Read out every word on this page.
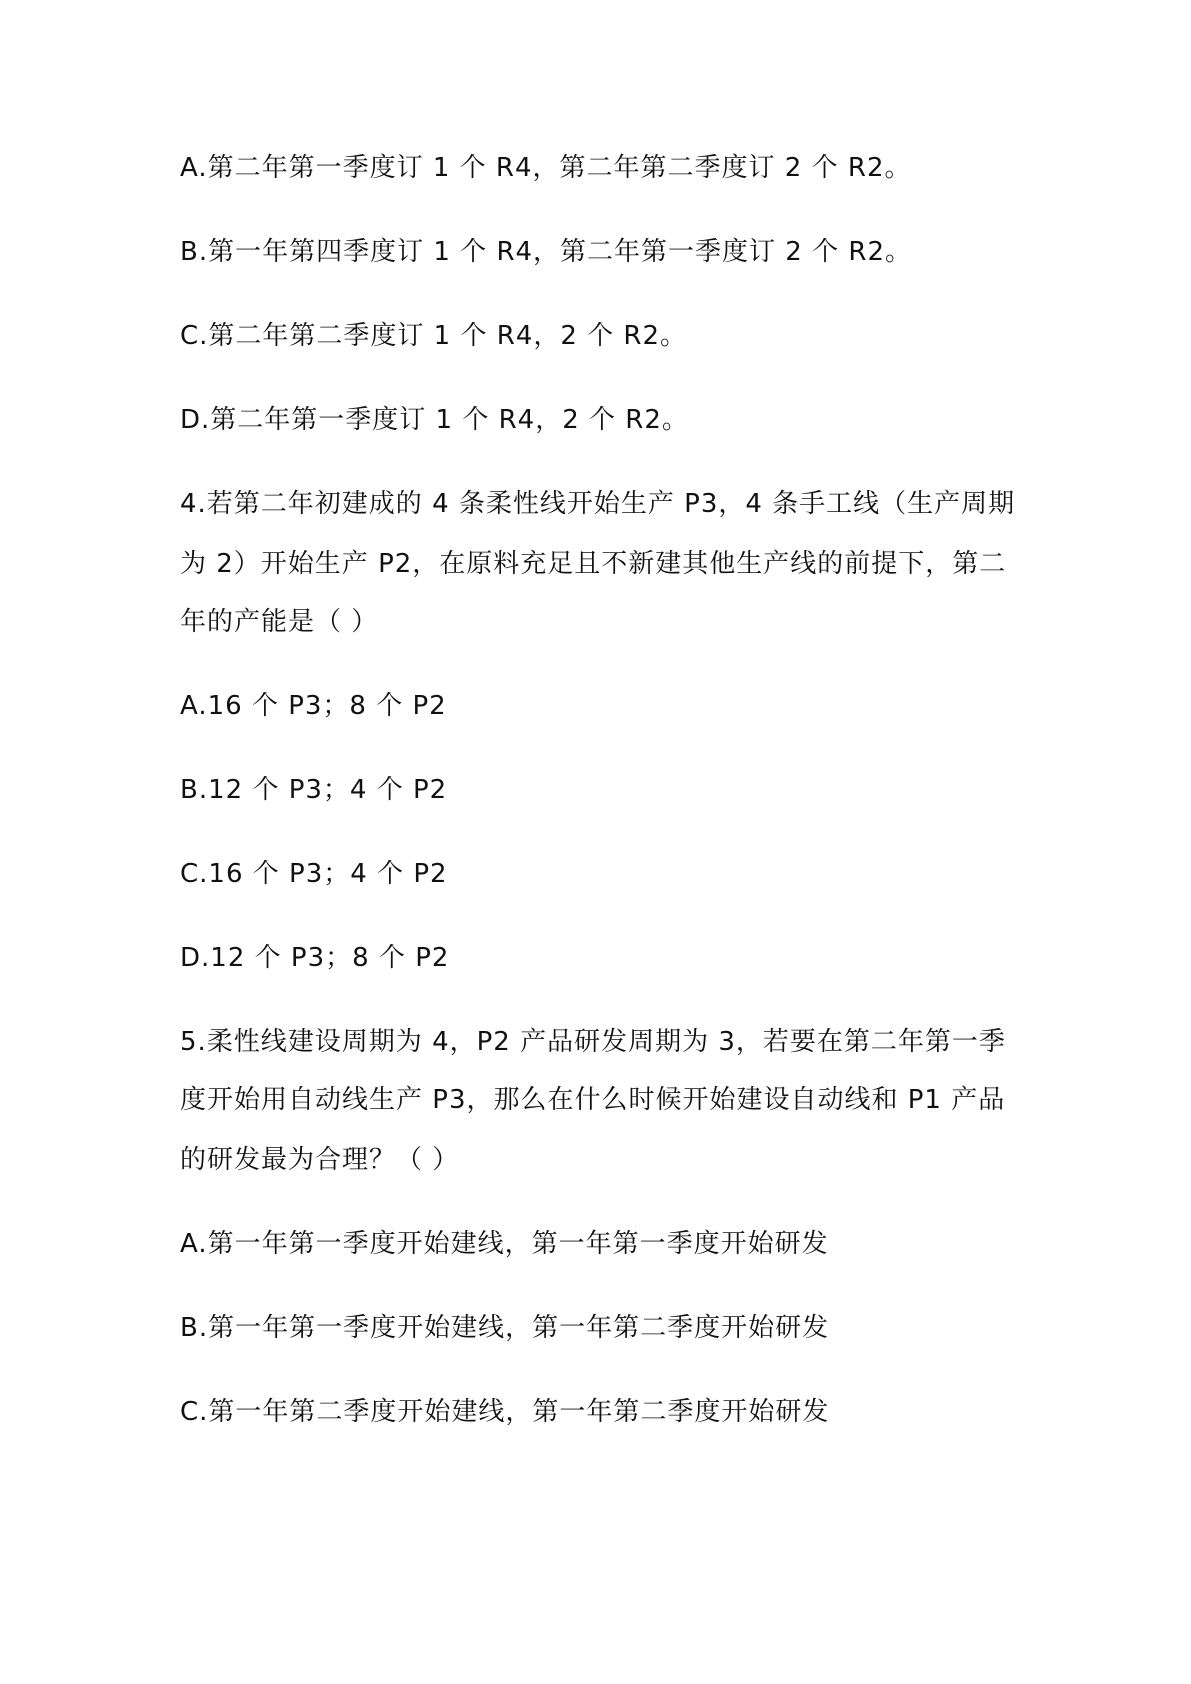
A.第二年第一季度订 1 个 R4，第二年第二季度订 2 个 R2。
B.第一年第四季度订 1 个 R4，第二年第一季度订 2 个 R2。
C.第二年第二季度订 1 个 R4，2 个 R2。
D.第二年第一季度订 1 个 R4，2 个 R2。
4.若第二年初建成的 4 条柔性线开始生产 P3，4 条手工线（生产周期
为 2）开始生产 P2，在原料充足且不新建其他生产线的前提下，第二
年的产能是（ ）
A.16 个 P3；8 个 P2
B.12 个 P3；4 个 P2
C.16 个 P3；4 个 P2
D.12 个 P3；8 个 P2
5.柔性线建设周期为 4，P2 产品研发周期为 3，若要在第二年第一季
度开始用自动线生产 P3，那么在什么时候开始建设自动线和 P1 产品
的研发最为合理？（ ）
A.第一年第一季度开始建线，第一年第一季度开始研发
B.第一年第一季度开始建线，第一年第二季度开始研发
C.第一年第二季度开始建线，第一年第二季度开始研发
